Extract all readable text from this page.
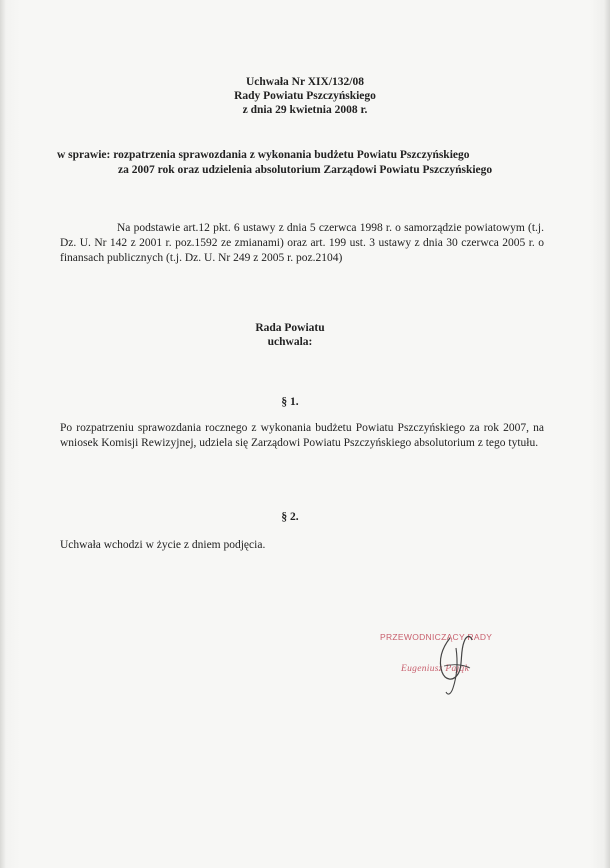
Uchwała Nr XIX/132/08
Rady Powiatu Pszczyńskiego
z dnia 29 kwietnia 2008 r.
w sprawie: rozpatrzenia sprawozdania z wykonania budżetu Powiatu Pszczyńskiego
za 2007 rok oraz udzielenia absolutorium Zarządowi Powiatu Pszczyńskiego
Na podstawie art.12 pkt. 6 ustawy z dnia 5 czerwca 1998 r. o samorządzie powiatowym (t.j. Dz. U. Nr 142 z 2001 r. poz.1592 ze zmianami) oraz art. 199 ust. 3 ustawy z dnia 30 czerwca 2005 r. o finansach publicznych (t.j. Dz. U. Nr 249 z 2005 r. poz.2104)
Rada Powiatu
uchwala:
§ 1.
Po rozpatrzeniu sprawozdania rocznego z wykonania budżetu Powiatu Pszczyńskiego za rok 2007, na wniosek Komisji Rewizyjnej, udziela się Zarządowi Powiatu Pszczyńskiego absolutorium z tego tytułu.
§ 2.
Uchwała wchodzi w życie z dniem podjęcia.
PRZEWODNICZĄCY RADY
Eugeniusz Pająk
